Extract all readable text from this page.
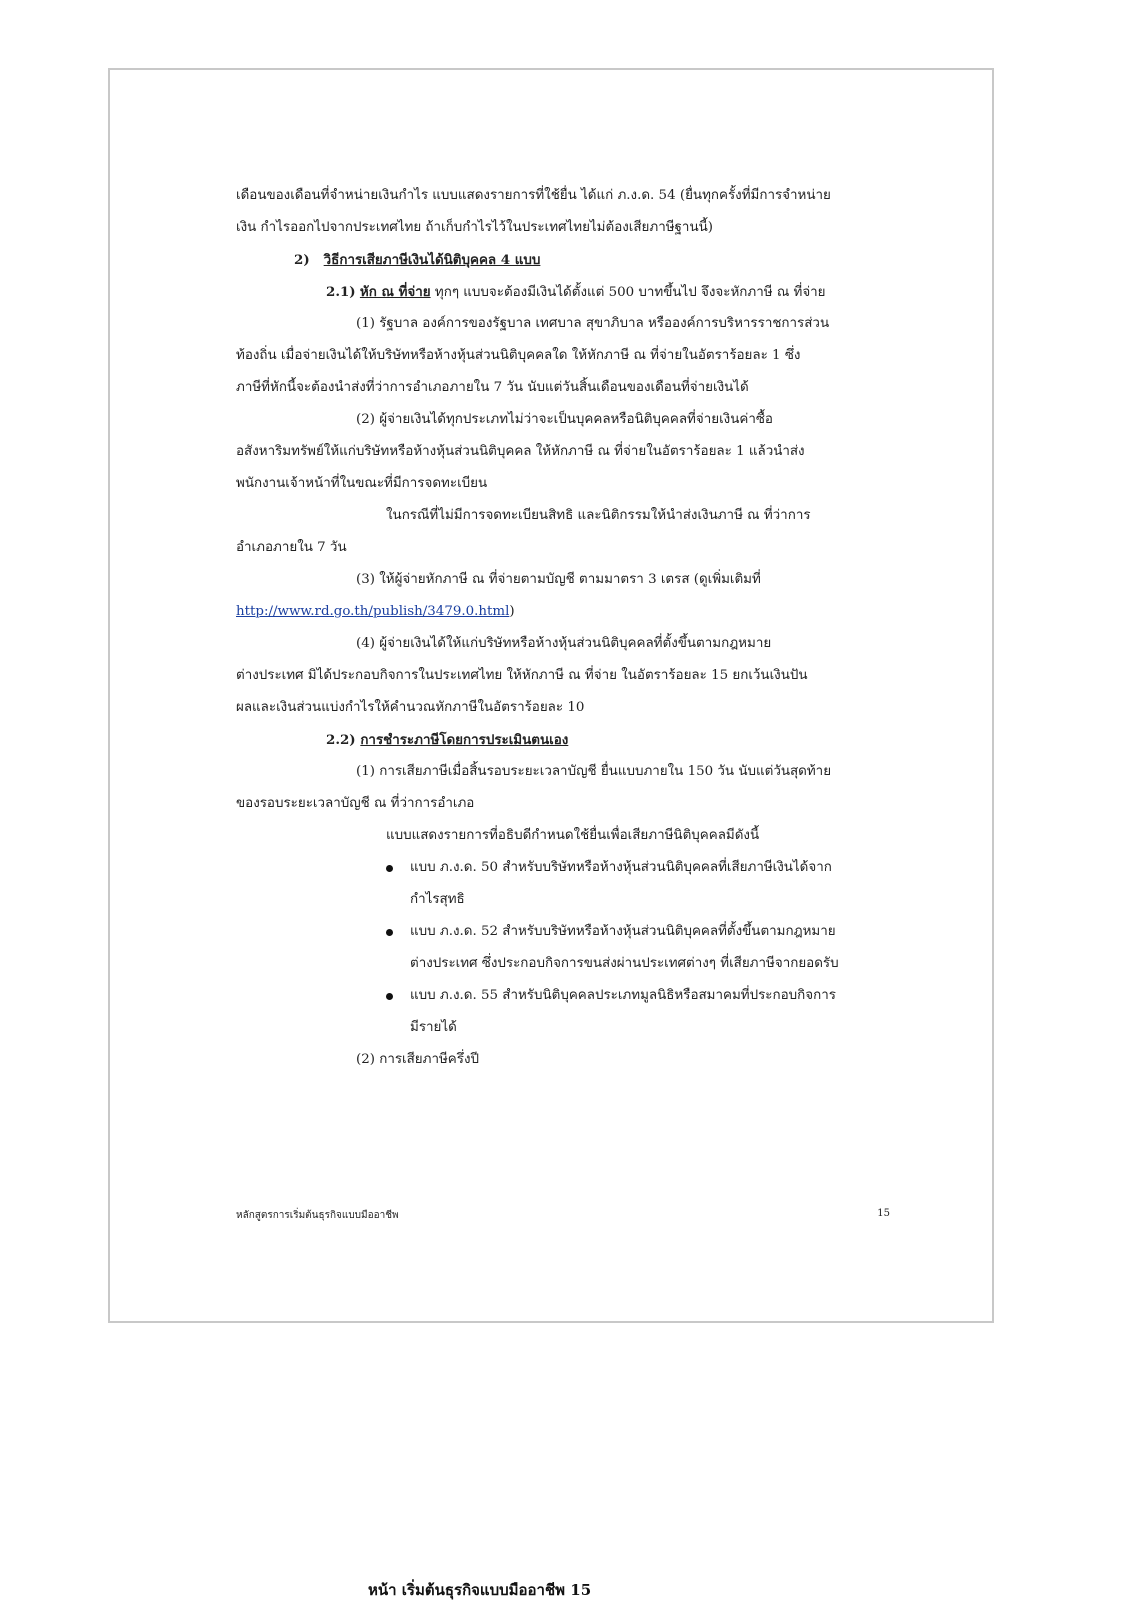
เดือนของเดือนที่จำหน่ายเงินกำไร แบบแสดงรายการที่ใช้ยื่น ได้แก่ ภ.ง.ด. 54 (ยื่นทุกครั้งที่มีการจำหน่าย
เงิน กำไรออกไปจากประเทศไทย ถ้าเก็บกำไรไว้ในประเทศไทยไม่ต้องเสียภาษีฐานนี้)
2) วิธีการเสียภาษีเงินได้นิติบุคคล 4 แบบ
2.1) หัก ณ ที่จ่าย ทุกๆ แบบจะต้องมีเงินได้ตั้งแต่ 500 บาทขึ้นไป จึงจะหักภาษี ณ ที่จ่าย
(1) รัฐบาล องค์การของรัฐบาล เทศบาล สุขาภิบาล หรือองค์การบริหารราชการส่วน
ท้องถิ่น เมื่อจ่ายเงินได้ให้บริษัทหรือห้างหุ้นส่วนนิติบุคคลใด ให้หักภาษี ณ ที่จ่ายในอัตราร้อยละ 1 ซึ่ง
ภาษีที่หักนี้จะต้องนำส่งที่ว่าการอำเภอภายใน 7 วัน นับแต่วันสิ้นเดือนของเดือนที่จ่ายเงินได้
(2) ผู้จ่ายเงินได้ทุกประเภทไม่ว่าจะเป็นบุคคลหรือนิติบุคคลที่จ่ายเงินค่าซื้อ
อสังหาริมทรัพย์ให้แก่บริษัทหรือห้างหุ้นส่วนนิติบุคคล ให้หักภาษี ณ ที่จ่ายในอัตราร้อยละ 1 แล้วนำส่ง
พนักงานเจ้าหน้าที่ในขณะที่มีการจดทะเบียน
ในกรณีที่ไม่มีการจดทะเบียนสิทธิ และนิติกรรมให้นำส่งเงินภาษี ณ ที่ว่าการ
อำเภอภายใน 7 วัน
(3) ให้ผู้จ่ายหักภาษี ณ ที่จ่ายตามบัญชี ตามมาตรา 3 เตรส (ดูเพิ่มเติมที่
http://www.rd.go.th/publish/3479.0.html)
(4) ผู้จ่ายเงินได้ให้แก่บริษัทหรือห้างหุ้นส่วนนิติบุคคลที่ตั้งขึ้นตามกฎหมาย
ต่างประเทศ มิได้ประกอบกิจการในประเทศไทย ให้หักภาษี ณ ที่จ่าย ในอัตราร้อยละ 15 ยกเว้นเงินปัน
ผลและเงินส่วนแบ่งกำไรให้คำนวณหักภาษีในอัตราร้อยละ 10
2.2) การชำระภาษีโดยการประเมินตนเอง
(1) การเสียภาษีเมื่อสิ้นรอบระยะเวลาบัญชี ยื่นแบบภายใน 150 วัน นับแต่วันสุดท้าย
ของรอบระยะเวลาบัญชี ณ ที่ว่าการอำเภอ
แบบแสดงรายการที่อธิบดีกำหนดใช้ยื่นเพื่อเสียภาษีนิติบุคคลมีดังนี้
แบบ ภ.ง.ด. 50 สำหรับบริษัทหรือห้างหุ้นส่วนนิติบุคคลที่เสียภาษีเงินได้จาก
กำไรสุทธิ
แบบ ภ.ง.ด. 52 สำหรับบริษัทหรือห้างหุ้นส่วนนิติบุคคลที่ตั้งขึ้นตามกฎหมาย
ต่างประเทศ ซึ่งประกอบกิจการขนส่งผ่านประเทศต่างๆ ที่เสียภาษีจากยอดรับ
แบบ ภ.ง.ด. 55 สำหรับนิติบุคคลประเภทมูลนิธิหรือสมาคมที่ประกอบกิจการ
มีรายได้
(2) การเสียภาษีครึ่งปี
หลักสูตรการเริ่มต้นธุรกิจแบบมืออาชีพ	15
หน้า เริ่มต้นธุรกิจแบบมืออาชีพ 15
